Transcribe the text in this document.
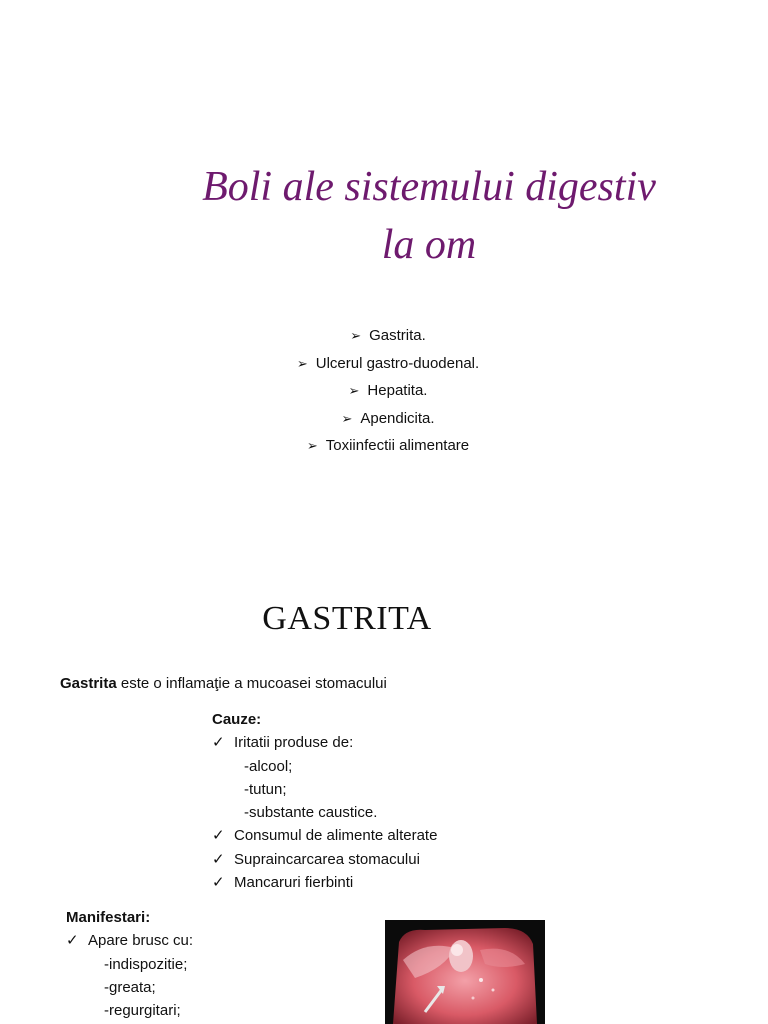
Boli ale sistemului digestiv
la om
➢ Gastrita.
➢ Ulcerul gastro-duodenal.
➢ Hepatita.
➢ Apendicita.
➢ Toxiinfectii alimentare
GASTRITA
Gastrita este o inflamaţie a mucoasei stomacului
Cauze:
✓ Iritatii produse de:
-alcool;
-tutun;
-substante caustice.
✓ Consumul de alimente alterate
✓ Supraincarcarea stomacului
✓ Mancaruri fierbinti
Manifestari:
✓ Apare brusc cu:
-indispozitie;
-greata;
-regurgitari;
